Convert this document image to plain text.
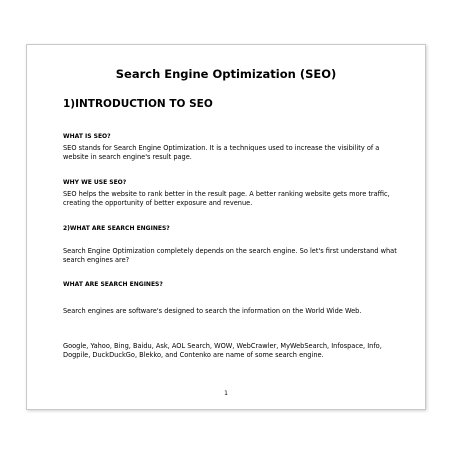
Search Engine Optimization (SEO)
1)INTRODUCTION TO SEO
WHAT IS SEO?
SEO stands for Search Engine Optimization. It is a techniques used to increase the visibility of a website in search engine's result page.
WHY WE USE SEO?
SEO helps the website to rank better in the result page. A better ranking website gets more traffic, creating the opportunity of better exposure and revenue.
2)WHAT ARE SEARCH ENGINES?
Search Engine Optimization completely depends on the search engine. So let's first understand what search engines are?
WHAT ARE SEARCH ENGINES?
Search engines are software's designed to search the information on the World Wide Web.
Google, Yahoo, Bing, Baidu, Ask, AOL Search, WOW, WebCrawler, MyWebSearch, Infospace, Info, Dogpile, DuckDuckGo, Blekko, and Contenko are name of some search engine.
1
